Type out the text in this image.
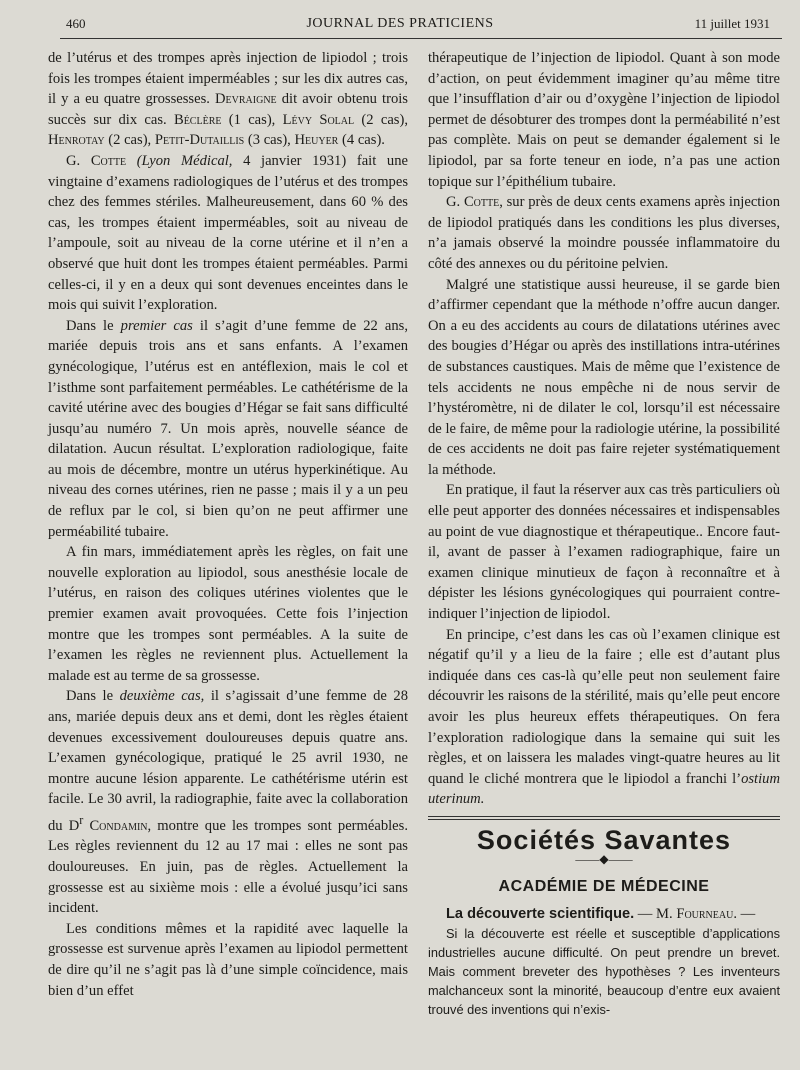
460	JOURNAL DES PRATICIENS	11 juillet 1931

de l’utérus et des trompes après injection de lipiodol ; trois fois les trompes étaient imperméables ; sur les dix autres cas, il y a eu quatre grossesses. Devraigne dit avoir obtenu trois succès sur dix cas. Béclère (1 cas), Lévy Solal (2 cas), Henrotay (2 cas), Petit-Dutaillis (3 cas), Heuyer (4 cas).

G. Cotte (Lyon Médical, 4 janvier 1931) fait une vingtaine d’examens radiologiques de l’utérus et des trompes chez des femmes stériles. Malheureusement, dans 60 % des cas, les trompes étaient imperméables, soit au niveau de l’ampoule, soit au niveau de la corne utérine et il n’en a observé que huit dont les trompes étaient perméables. Parmi celles-ci, il y en a deux qui sont devenues enceintes dans le mois qui suivit l’exploration.

Dans le premier cas il s’agit d’une femme de 22 ans, mariée depuis trois ans et sans enfants. A l’examen gynécologique, l’utérus est en antéflexion, mais le col et l’isthme sont parfaitement perméables. Le cathétérisme de la cavité utérine avec des bougies d’Hégar se fait sans difficulté jusqu’au numéro 7. Un mois après, nouvelle séance de dilatation. Aucun résultat. L’exploration radiologique, faite au mois de décembre, montre un utérus hyperkinétique. Au niveau des cornes utérines, rien ne passe ; mais il y a un peu de reflux par le col, si bien qu’on ne peut affirmer une perméabilité tubaire.

A fin mars, immédiatement après les règles, on fait une nouvelle exploration au lipiodol, sous anesthésie locale de l’utérus, en raison des coliques utérines violentes que le premier examen avait provoquées. Cette fois l’injection montre que les trompes sont perméables. A la suite de l’examen les règles ne reviennent plus. Actuellement la malade est au terme de sa grossesse.

Dans le deuxième cas, il s’agissait d’une femme de 28 ans, mariée depuis deux ans et demi, dont les règles étaient devenues excessivement douloureuses depuis quatre ans. L’examen gynécologique, pratiqué le 25 avril 1930, ne montre aucune lésion apparente. Le cathétérisme utérin est facile. Le 30 avril, la radiographie, faite avec la collaboration du $D^r$ Condamin, montre que les trompes sont perméables. Les règles reviennent du 12 au 17 mai : elles ne sont pas douloureuses. En juin, pas de règles. Actuellement la grossesse est au sixième mois : elle a évolué jusqu’ici sans incident.

Les conditions mêmes et la rapidité avec laquelle la grossesse est survenue après l’examen au lipiodol permettent de dire qu’il ne s’agit pas là d’une simple coïncidence, mais bien d’un effet

thérapeutique de l’injection de lipiodol. Quant à son mode d’action, on peut évidemment imaginer qu’au même titre que l’insufflation d’air ou d’oxygène l’injection de lipiodol permet de désobturer des trompes dont la perméabilité n’est pas complète. Mais on peut se demander également si le lipiodol, par sa forte teneur en iode, n’a pas une action topique sur l’épithélium tubaire.

G. Cotte, sur près de deux cents examens après injection de lipiodol pratiqués dans les conditions les plus diverses, n’a jamais observé la moindre poussée inflammatoire du côté des annexes ou du péritoine pelvien.

Malgré une statistique aussi heureuse, il se garde bien d’affirmer cependant que la méthode n’offre aucun danger. On a eu des accidents au cours de dilatations utérines avec des bougies d’Hégar ou après des instillations intra-utérines de substances caustiques. Mais de même que l’existence de tels accidents ne nous empêche ni de nous servir de l’hystéromètre, ni de dilater le col, lorsqu’il est nécessaire de le faire, de même pour la radiologie utérine, la possibilité de ces accidents ne doit pas faire rejeter systématiquement la méthode.

En pratique, il faut la réserver aux cas très particuliers où elle peut apporter des données nécessaires et indispensables au point de vue diagnostique et thérapeutique.. Encore faut-il, avant de passer à l’examen radiographique, faire un examen clinique minutieux de façon à reconnaître et à dépister les lésions gynécologiques qui pourraient contre-indiquer l’injection de lipiodol.

En principe, c’est dans les cas où l’examen clinique est négatif qu’il y a lieu de la faire ; elle est d’autant plus indiquée dans ces cas-là qu’elle peut non seulement faire découvrir les raisons de la stérilité, mais qu’elle peut encore avoir les plus heureux effets thérapeutiques. On fera l’exploration radiologique dans la semaine qui suit les règles, et on laissera les malades vingt-quatre heures au lit quand le cliché montrera que le lipiodol a franchi l’ostium uterinum.

Sociétés Savantes
——◆——
ACADÉMIE DE MÉDECINE

La découverte scientifique. — M. Fourneau. —

Si la découverte est réelle et susceptible d’applications industrielles aucune difficulté. On peut prendre un brevet. Mais comment breveter des hypothèses ? Les inventeurs malchanceux sont la minorité, beaucoup d’entre eux avaient trouvé des inventions qui n’exis-
